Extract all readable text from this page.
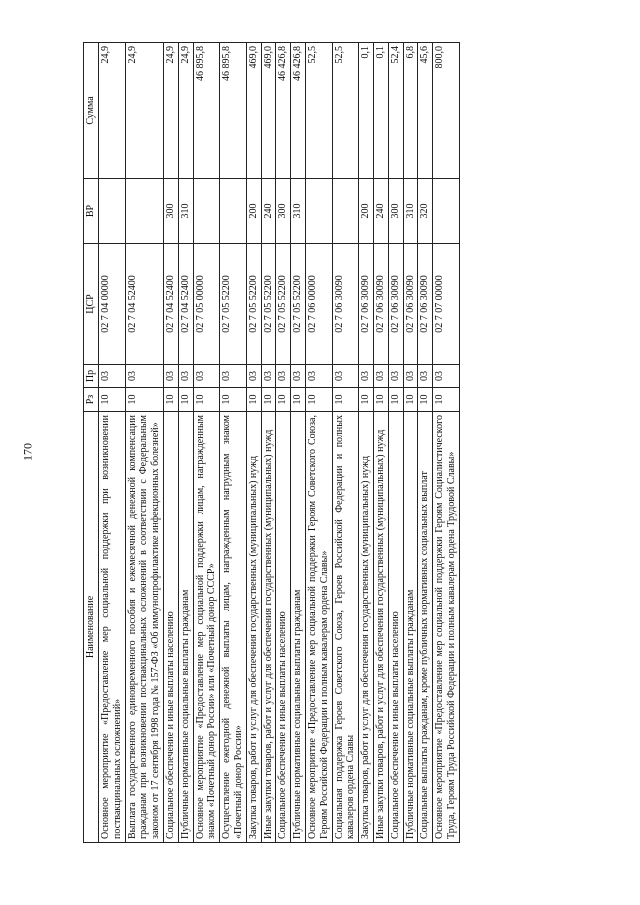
170
Наименование	Рз	Пр	ЦСР	ВР	Сумма
Основное мероприятие «Предоставление мер социальной поддержки при возникновении поствакцинальных осложнений»	10	03	02 7 04 00000		24,9
Выплата государственного единовременного пособия и ежемесячной денежной компенсации гражданам при возникновении поствакцинальных осложнений в соответствии с Федеральным законом от 17 сентября 1998 года № 157-ФЗ «Об иммунопрофилактике инфекционных болезней»	10	03	02 7 04 52400		24,9
Социальное обеспечение и иные выплаты населению	10	03	02 7 04 52400	300	24,9
Публичные нормативные социальные выплаты гражданам	10	03	02 7 04 52400	310	24,9
Основное мероприятие «Предоставление мер социальной поддержки лицам, награжденным знаком «Почетный донор России» или «Почетный донор СССР»	10	03	02 7 05 00000		46 895,8
Осуществление ежегодной денежной выплаты лицам, награжденным нагрудным знаком «Почетный донор России»	10	03	02 7 05 52200		46 895,8
Закупка товаров, работ и услуг для обеспечения государственных (муниципальных) нужд	10	03	02 7 05 52200	200	469,0
Иные закупки товаров, работ и услуг для обеспечения государственных (муниципальных) нужд	10	03	02 7 05 52200	240	469,0
Социальное обеспечение и иные выплаты населению	10	03	02 7 05 52200	300	46 426,8
Публичные нормативные социальные выплаты гражданам	10	03	02 7 05 52200	310	46 426,8
Основное мероприятие «Предоставление мер социальной поддержки Героям Советского Союза, Героям Российской Федерации и полным кавалерам ордена Славы»	10	03	02 7 06 00000		52,5
Социальная поддержка Героев Советского Союза, Героев Российской Федерации и полных кавалеров ордена Славы	10	03	02 7 06 30090		52,5
Закупка товаров, работ и услуг для обеспечения государственных (муниципальных) нужд	10	03	02 7 06 30090	200	0,1
Иные закупки товаров, работ и услуг для обеспечения государственных (муниципальных) нужд	10	03	02 7 06 30090	240	0,1
Социальное обеспечение и иные выплаты населению	10	03	02 7 06 30090	300	52,4
Публичные нормативные социальные выплаты гражданам	10	03	02 7 06 30090	310	6,8
Социальные выплаты гражданам, кроме публичных нормативных социальных выплат	10	03	02 7 06 30090	320	45,6
Основное мероприятие «Предоставление мер социальной поддержки Героям Социалистического Труда, Героям Труда Российской Федерации и полным кавалерам ордена Трудовой Славы»	10	03	02 7 07 00000		800,0
